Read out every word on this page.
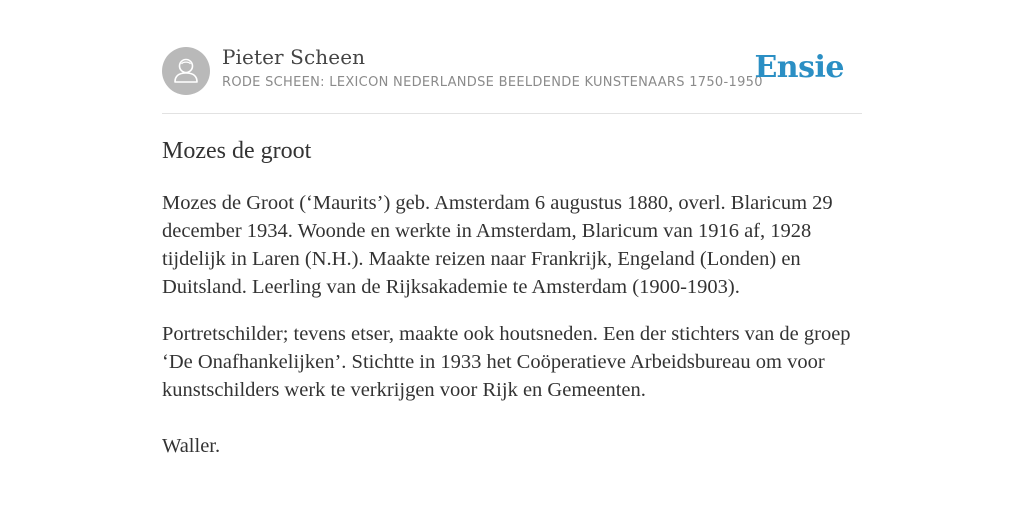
Pieter Scheen
RODE SCHEEN: LEXICON NEDERLANDSE BEELDENDE KUNSTENAARS 1750-1950
Ensie
Mozes de groot

Mozes de Groot (‘Maurits’) geb. Amsterdam 6 augustus 1880, overl. Blaricum 29 december 1934. Woonde en werkte in Amsterdam, Blaricum van 1916 af, 1928 tijdelijk in Laren (N.H.). Maakte reizen naar Frankrijk, Engeland (Londen) en Duitsland. Leerling van de Rijksakademie te Amsterdam (1900-1903).

Portretschilder; tevens etser, maakte ook houtsneden. Een der stichters van de groep ‘De Onafhankelijken’. Stichtte in 1933 het Coöperatieve Arbeidsbureau om voor kunstschilders werk te verkrijgen voor Rijk en Gemeenten.

Waller.
